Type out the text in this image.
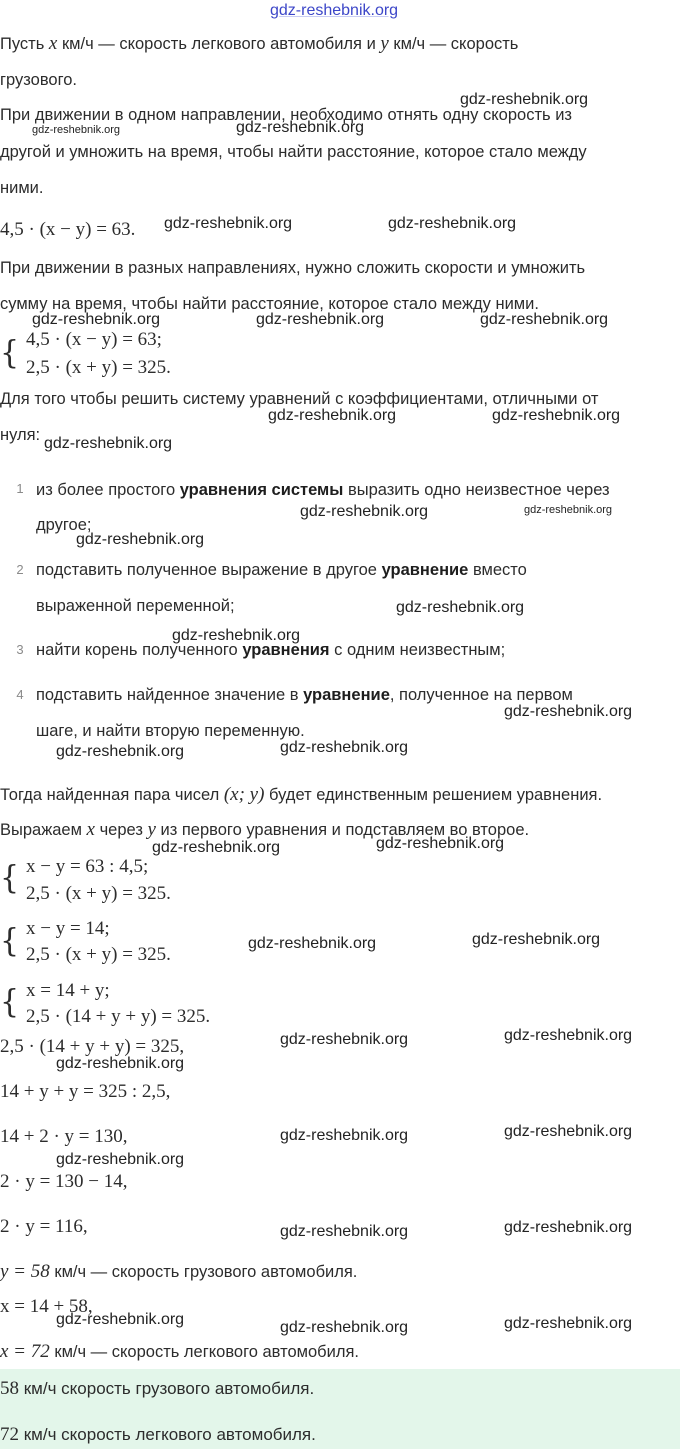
gdz-reshebnik.org
Пусть x км/ч — скорость легкового автомобиля и y км/ч — скорость
грузового.
При движении в одном направлении, необходимо отнять одну скорость из
другой и умножить на время, чтобы найти расстояние, которое стало между
ними.
4,5 · (x − y) = 63.
При движении в разных направлениях, нужно сложить скорости и умножить
сумму на время, чтобы найти расстояние, которое стало между ними.
{ 4,5 · (x − y) = 63;
2,5 · (x + y) = 325.
Для того чтобы решить систему уравнений с коэффициентами, отличными от
нуля:
1 из более простого уравнения системы выразить одно неизвестное через
другое;
2 подставить полученное выражение в другое уравнение вместо
выраженной переменной;
3 найти корень полученного уравнения с одним неизвестным;
4 подставить найденное значение в уравнение, полученное на первом
шаге, и найти вторую переменную.
Тогда найденная пара чисел (x; y) будет единственным решением уравнения.
Выражаем x через y из первого уравнения и подставляем во второе.
{ x − y = 63 : 4,5;
2,5 · (x + y) = 325.
{ x − y = 14;
2,5 · (x + y) = 325.
{ x = 14 + y;
2,5 · (14 + y + y) = 325.
2,5 · (14 + y + y) = 325,
14 + y + y = 325 : 2,5,
14 + 2 · y = 130,
2 · y = 130 − 14,
2 · y = 116,
y = 58 км/ч — скорость грузового автомобиля.
x = 14 + 58,
x = 72 км/ч — скорость легкового автомобиля.
58 км/ч скорость грузового автомобиля.
72 км/ч скорость легкового автомобиля.
gdz-reshebnik.org
gdz-reshebnik.org	gdz-reshebnik.org
gdz-reshebnik.org	gdz-reshebnik.org
gdz-reshebnik.org	gdz-reshebnik.org	gdz-reshebnik.org
gdz-reshebnik.org	gdz-reshebnik.org
gdz-reshebnik.org
gdz-reshebnik.org	gdz-reshebnik.org
gdz-reshebnik.org
gdz-reshebnik.org
gdz-reshebnik.org
gdz-reshebnik.org
gdz-reshebnik.org	gdz-reshebnik.org
gdz-reshebnik.org	gdz-reshebnik.org
gdz-reshebnik.org	gdz-reshebnik.org
gdz-reshebnik.org	gdz-reshebnik.org
gdz-reshebnik.org
gdz-reshebnik.org	gdz-reshebnik.org
gdz-reshebnik.org
gdz-reshebnik.org	gdz-reshebnik.org
gdz-reshebnik.org	gdz-reshebnik.org	gdz-reshebnik.org
